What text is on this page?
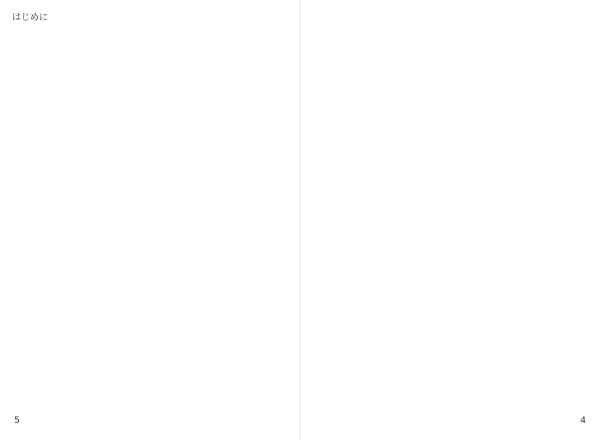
はじめに
5	4
